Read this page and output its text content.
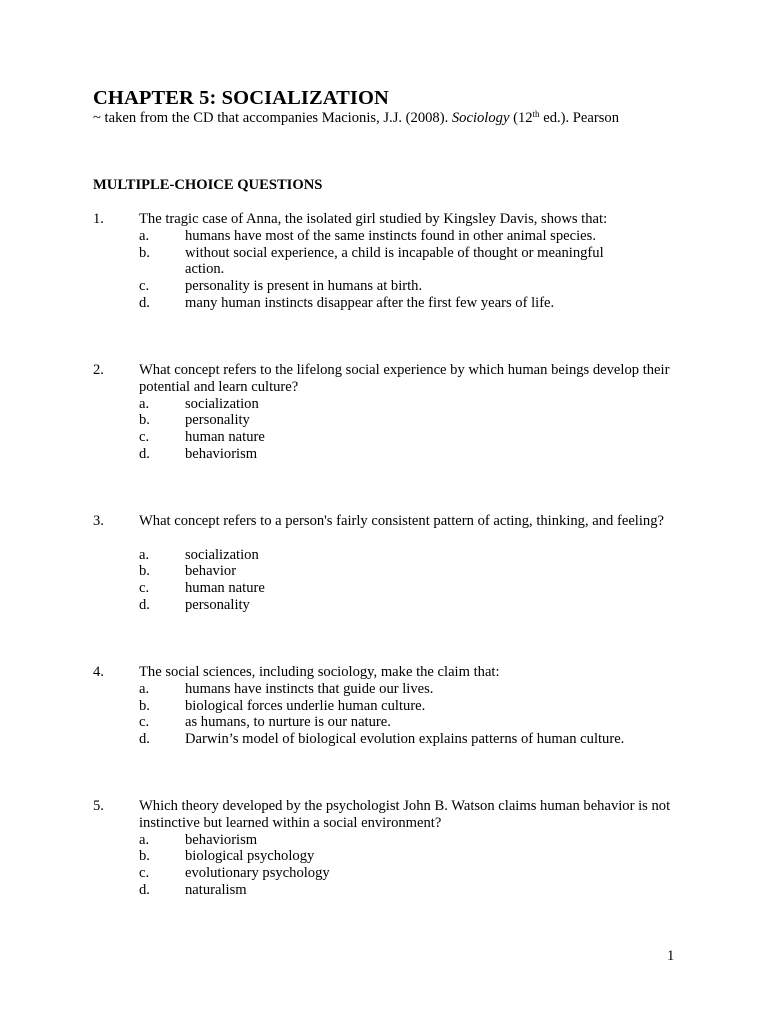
CHAPTER 5: SOCIALIZATION
~ taken from the CD that accompanies Macionis, J.J. (2008). Sociology (12th ed.). Pearson
MULTIPLE-CHOICE QUESTIONS
1. The tragic case of Anna, the isolated girl studied by Kingsley Davis, shows that:
a. humans have most of the same instincts found in other animal species.
b. without social experience, a child is incapable of thought or meaningful action.
c. personality is present in humans at birth.
d. many human instincts disappear after the first few years of life.
2. What concept refers to the lifelong social experience by which human beings develop their potential and learn culture?
a. socialization
b. personality
c. human nature
d. behaviorism
3. What concept refers to a person's fairly consistent pattern of acting, thinking, and feeling?
a. socialization
b. behavior
c. human nature
d. personality
4. The social sciences, including sociology, make the claim that:
a. humans have instincts that guide our lives.
b. biological forces underlie human culture.
c. as humans, to nurture is our nature.
d. Darwin’s model of biological evolution explains patterns of human culture.
5. Which theory developed by the psychologist John B. Watson claims human behavior is not instinctive but learned within a social environment?
a. behaviorism
b. biological psychology
c. evolutionary psychology
d. naturalism
1
